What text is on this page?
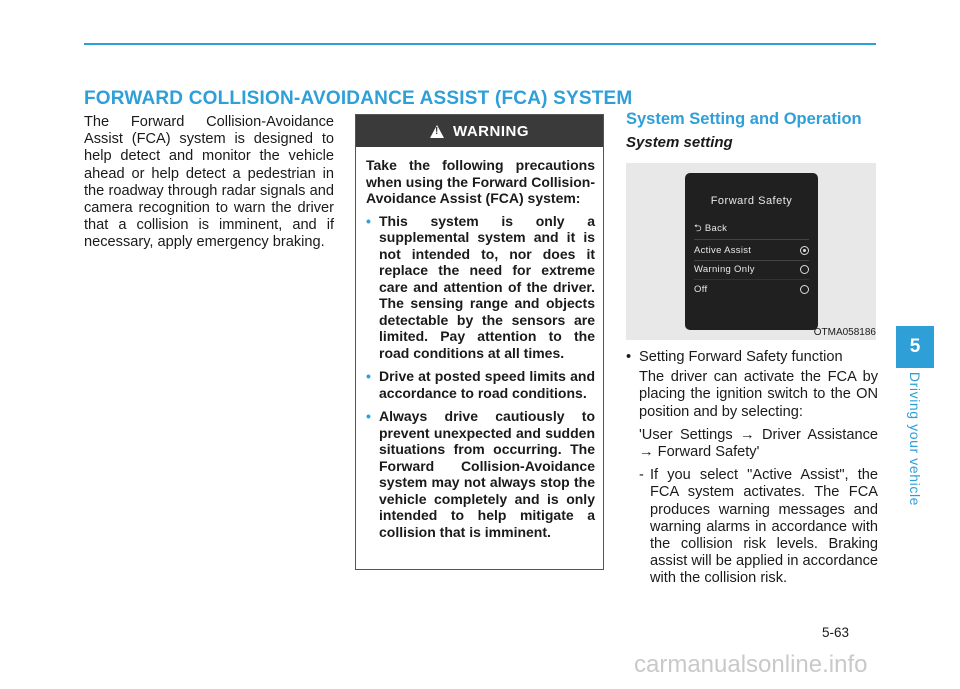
FORWARD COLLISION-AVOIDANCE ASSIST (FCA) SYSTEM

The Forward Collision-Avoidance Assist (FCA) system is designed to help detect and monitor the vehicle ahead or help detect a pedestrian in the roadway through radar signals and camera recognition to warn the driver that a collision is imminent, and if necessary, apply emergency braking.

! WARNING

Take the following precautions when using the Forward Collision-Avoidance Assist (FCA) system:

• This system is only a supplemental system and it is not intended to, nor does it replace the need for extreme care and attention of the driver. The sensing range and objects detectable by the sensors are limited. Pay attention to the road conditions at all times.
• Drive at posted speed limits and accordance to road conditions.
• Always drive cautiously to prevent unexpected and sudden situations from occurring. The Forward Collision-Avoidance system may not always stop the vehicle completely and is only intended to help mitigate a collision that is imminent.
System Setting and Operation
System setting
Forward Safety
⮌ Back
Active Assist
Warning Only
Off
OTMA058186

• Setting Forward Safety function

The driver can activate the FCA by placing the ignition switch to the ON position and by selecting:

'User Settings → Driver Assistance → Forward Safety'

- If you select "Active Assist", the FCA system activates. The FCA produces warning messages and warning alarms in accordance with the collision risk levels. Braking assist will be applied in accordance with the collision risk.

5
Driving your vehicle
5-63
carmanualsonline.info
